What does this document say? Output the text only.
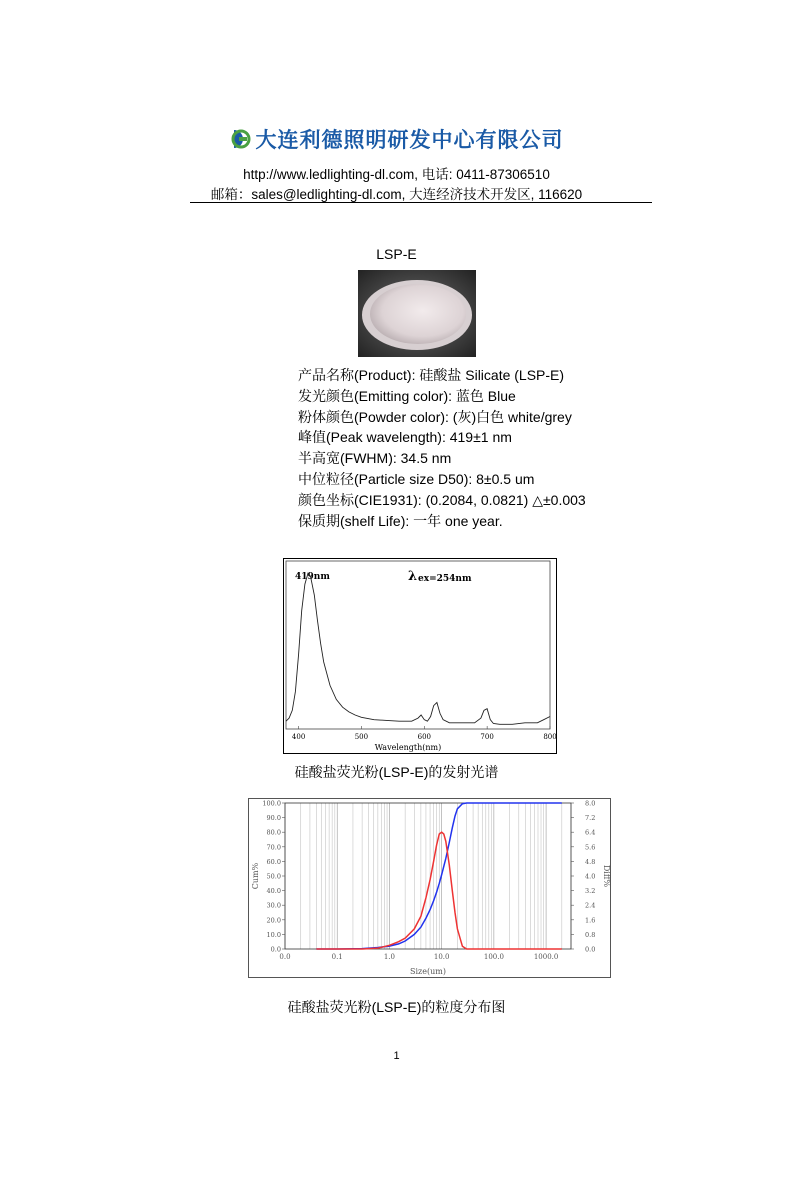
大连利德照明研发中心有限公司
http://www.ledlighting-dl.com, 电话: 0411-87306510
邮箱：sales@ledlighting-dl.com, 大连经济技术开发区, 116620
LSP-E
产品名称(Product): 硅酸盐 Silicate (LSP-E)
发光颜色(Emitting color): 蓝色 Blue
粉体颜色(Powder color): (灰)白色 white/grey
峰值(Peak wavelength): 419±1 nm
半高宽(FWHM): 34.5 nm
中位粒径(Particle size D50): 8±0.5 um
颜色坐标(CIE1931): (0.2084, 0.0821) △±0.003
保质期(shelf Life): 一年 one year.
419nm	λ ex=254nm
400	500	600	700	800
Wavelength(nm)
硅酸盐荧光粉(LSP-E)的发射光谱
0.0	0.1	1.0	10.0	100.0	1000.0
0.0
10.0
20.0
30.0
40.0
50.0
60.0
70.0
80.0
90.0
100.0
0.0
0.8
1.6
2.4
3.2
4.0
4.8
5.6
6.4
7.2
8.0
Size(um)
Cum%	Diff%
硅酸盐荧光粉(LSP-E)的粒度分布图
1
